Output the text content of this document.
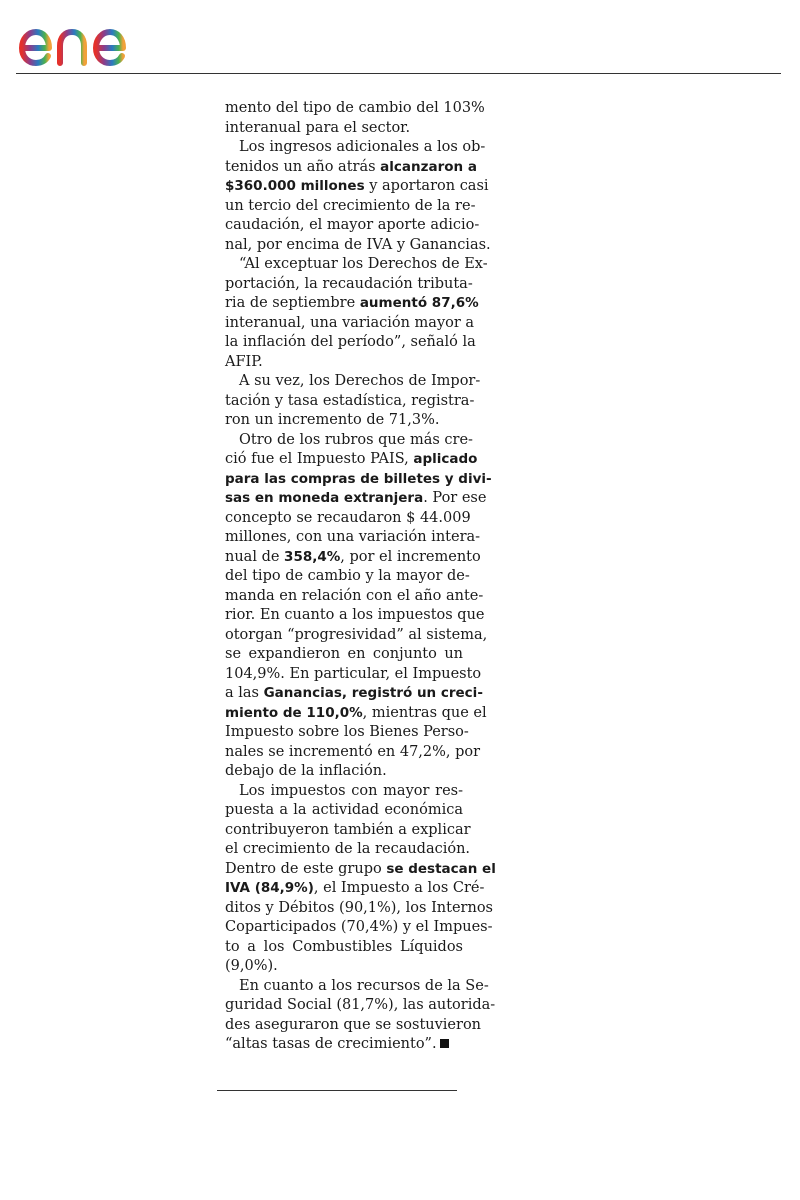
mento del tipo de cambio del 103%
interanual para el sector.
Los ingresos adicionales a los ob-
tenidos un año atrás alcanzaron a
$360.000 millones y aportaron casi
un tercio del crecimiento de la re-
caudación, el mayor aporte adicio-
nal, por encima de IVA y Ganancias.
“Al exceptuar los Derechos de Ex-
portación, la recaudación tributa-
ria de septiembre aumentó 87,6%
interanual, una variación mayor a
la inflación del período”, señaló la
AFIP.
A su vez, los Derechos de Impor-
tación y tasa estadística, registra-
ron un incremento de 71,3%.
Otro de los rubros que más cre-
ció fue el Impuesto PAIS, aplicado
para las compras de billetes y divi-
sas en moneda extranjera. Por ese
concepto se recaudaron $ 44.009
millones, con una variación intera-
nual de 358,4%, por el incremento
del tipo de cambio y la mayor de-
manda en relación con el año ante-
rior. En cuanto a los impuestos que
otorgan “progresividad” al sistema,
se expandieron en conjunto un
104,9%. En particular, el Impuesto
a las Ganancias, registró un creci-
miento de 110,0%, mientras que el
Impuesto sobre los Bienes Perso-
nales se incrementó en 47,2%, por
debajo de la inflación.
Los impuestos con mayor res-
puesta a la actividad económica
contribuyeron también a explicar
el crecimiento de la recaudación.
Dentro de este grupo se destacan el
IVA (84,9%), el Impuesto a los Cré-
ditos y Débitos (90,1%), los Internos
Coparticipados (70,4%) y el Impues-
to a los Combustibles Líquidos
(9,0%).
En cuanto a los recursos de la Se-
guridad Social (81,7%), las autorida-
des aseguraron que se sostuvieron
“altas tasas de crecimiento”.
